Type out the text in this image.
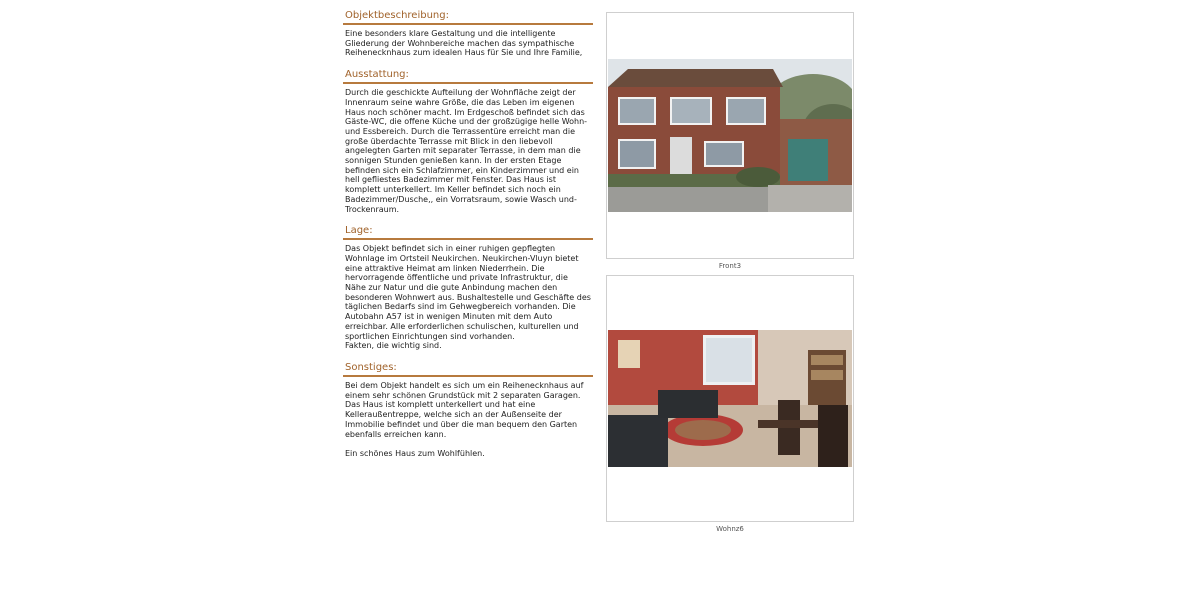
Objektbeschreibung:

Eine besonders klare Gestaltung und die intelligente Gliederung der Wohnbereiche machen das sympathische Reihenecknhaus zum idealen Haus für Sie und Ihre Familie,

Ausstattung:

Durch die geschickte Aufteilung der Wohnfläche zeigt der Innenraum seine wahre Größe, die das Leben im eigenen Haus noch schöner macht. Im Erdgeschoß befindet sich das Gäste-WC, die offene Küche und der großzügige helle Wohn- und Essbereich. Durch die Terrassentüre erreicht man die große überdachte Terrasse mit Blick in den liebevoll angelegten Garten mit separater Terrasse, in dem man die sonnigen Stunden genießen kann. In der ersten Etage befinden sich ein Schlafzimmer, ein Kinderzimmer und ein hell gefliestes Badezimmer mit Fenster. Das Haus ist komplett unterkellert. Im Keller befindet sich noch ein Badezimmer/Dusche,, ein Vorratsraum, sowie Wasch und- Trockenraum.

Lage:

Das Objekt befindet sich in einer ruhigen gepflegten Wohnlage im Ortsteil Neukirchen. Neukirchen-Vluyn bietet eine attraktive Heimat am linken Niederrhein. Die hervorragende öffentliche und private Infrastruktur, die Nähe zur Natur und die gute Anbindung machen den besonderen Wohnwert aus. Bushaltestelle und Geschäfte des täglichen Bedarfs sind im Gehwegbereich vorhanden. Die Autobahn A57 ist in wenigen Minuten mit dem Auto erreichbar. Alle erforderlichen schulischen, kulturellen und sportlichen Einrichtungen sind vorhanden.

Fakten, die wichtig sind.

Sonstiges:

Bei dem Objekt handelt es sich um ein Reihenecknhaus auf einem sehr schönen Grundstück mit 2 separaten Garagen.

Das Haus ist komplett unterkellert und hat eine Kelleraußentreppe, welche sich an der Außenseite der Immobilie befindet und über die man bequem den Garten ebenfalls erreichen kann.

Ein schönes Haus zum Wohlfühlen.

Front3
Wohnz6
